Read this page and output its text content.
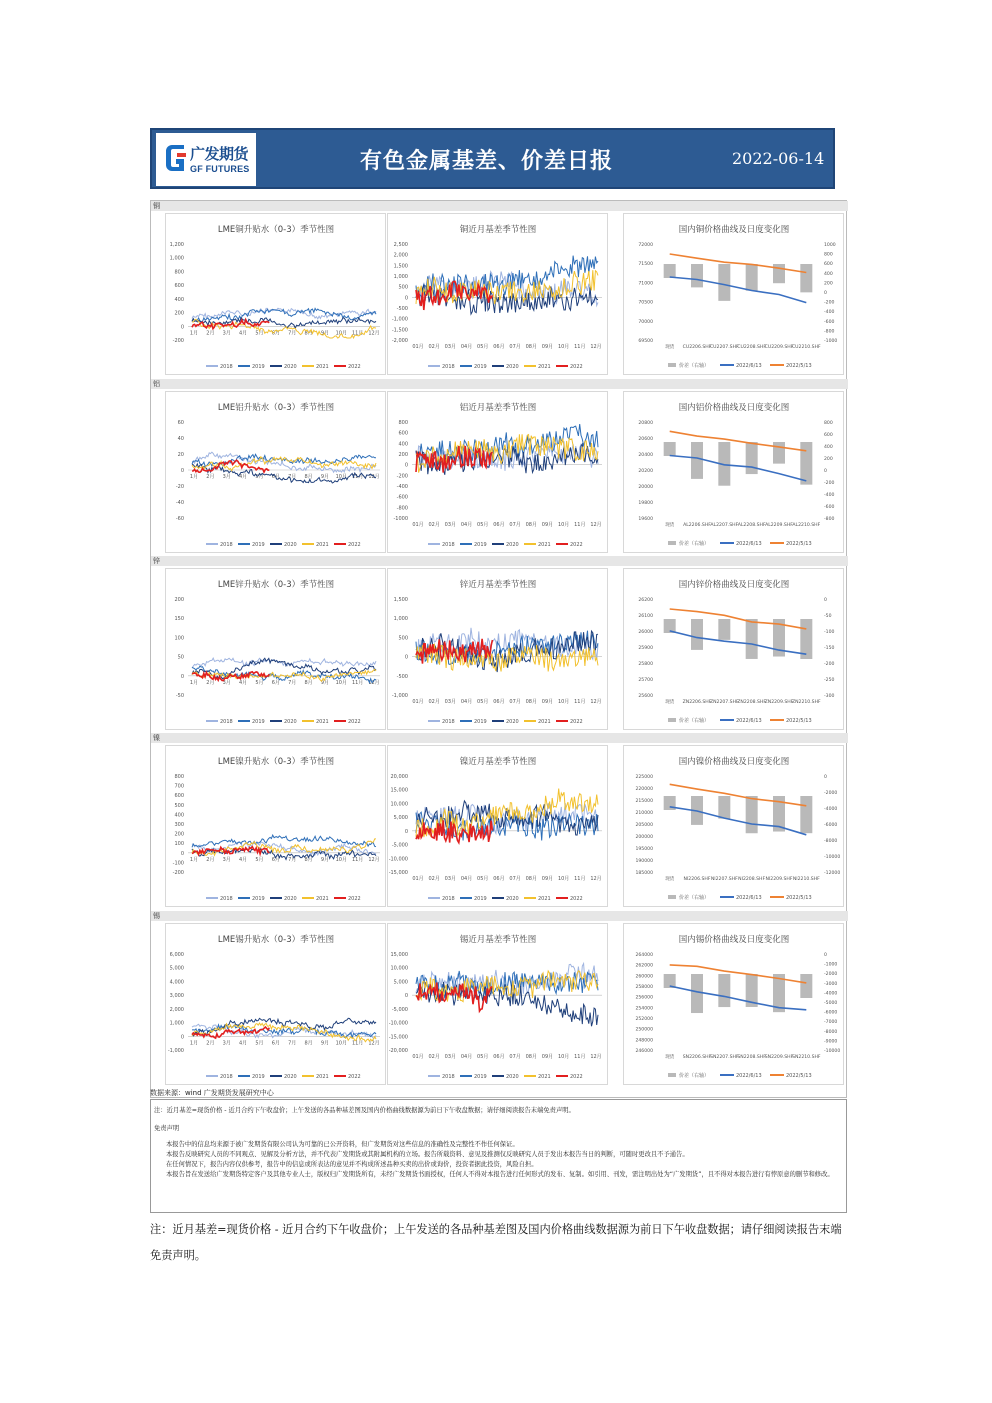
广发期货
GF FUTURES	有色金属基差、价差日报	2022-06-14
铜
LME铜升贴水（0-3）季节性图
1,200
1,000
800
600
400
200
0
-200
1月 2月 3月 4月 5月 6月 7月 8月 9月 10月 11月 12月
2018	2019	2020	2021	2022
铜近月基差季节性图
2,500
2,000
1,500
1,000
500
0
-500
-1,000
-1,500
-2,000
01月 02月 03月 04月 05月 06月 07月 08月 09月 10月 11月 12月
2018	2019	2020	2021	2022
国内铜价格曲线及日度变化图
72000
71500
71000
70500
70000
69500
1000
800
600
400
200
0
-200
-400
-600
-800
-1000
现货 CU2206.SHF
CU2207.SHF
CU2208.SHF
CU2209.SHF
CU2210.SHF
价差（右轴）	2022/6/13	2022/5/13
铝
LME铝升贴水（0-3）季节性图
60
40
20
0
-20
-40
-60
1月 2月 3月 4月 5月 6月 7月 8月 9月 10月 11月 12月
2018	2019	2020	2021	2022
铝近月基差季节性图
800
600
400
200
0
-200
-400
-600
-800
-1000
01月 02月 03月 04月 05月 06月 07月 08月 09月 10月 11月 12月
2018	2019	2020	2021	2022
国内铝价格曲线及日度变化图
20800
20600
20400
20200
20000
19800
19600
800
600
400
200
0
-200
-400
-600
-800
现货 AL2206.SHF AL2207.SHF AL2208.SHF AL2209.SHF AL2210.SHF
价差（右轴）	2022/6/13	2022/5/13
锌
LME锌升贴水（0-3）季节性图
200
150
100
50
0
-50
1月 2月 3月 4月 5月 6月 7月 8月 9月 10月 11月 12月
2018	2019	2020	2021	2022
锌近月基差季节性图
1,500
1,000
500
0
-500
-1,000
01月 02月 03月 04月 05月 06月 07月 08月 09月 10月 11月 12月
2018	2019	2020	2021	2022
国内锌价格曲线及日度变化图
26200
26100
26000
25900
25800
25700
25600
0
-50
-100
-150
-200
-250
-300
现货 ZN2206.SHF
ZN2207.SHF
ZN2208.SHF
ZN2209.SHF
ZN2210.SHF
价差（右轴）	2022/6/13	2022/5/13
镍
LME镍升贴水（0-3）季节性图
800
700
600
500
400
300
200
100
0
-100
-200
1月 2月 3月 4月 5月 6月 7月 8月 9月 10月 11月 12月
2018	2019	2020	2021	2022
镍近月基差季节性图
20,000
15,000
10,000
5,000
0
-5,000
-10,000
-15,000
01月 02月 03月 04月 05月 06月 07月 08月 09月 10月 11月 12月
2018	2019	2020	2021	2022
国内镍价格曲线及日度变化图
225000
220000
215000
210000
205000
200000
195000
190000
185000
0
-2000
-4000
-6000
-8000
-10000
-12000
现货 NI2206.SHF NI2207.SHF NI2208.SHF NI2209.SHF NI2210.SHF
价差（右轴）	2022/6/13	2022/5/13
锡
LME锡升贴水（0-3）季节性图
6,000
5,000
4,000
3,000
2,000
1,000
0
-1,000
1月 2月 3月 4月 5月 6月 7月 8月 9月 10月 11月 12月
2018	2019	2020	2021	2022
锡近月基差季节性图
15,000
10,000
5,000
0
-5,000
-10,000
-15,000
-20,000
01月 02月 03月 04月 05月 06月 07月 08月 09月 10月 11月 12月
2018	2019	2020	2021	2022
国内锡价格曲线及日度变化图
264000
262000
260000
258000
256000
254000
252000
250000
248000
246000
0
-1000
-2000
-3000
-4000
-5000
-6000
-7000
-8000
-9000
-10000
现货 SN2206.SHF
SN2207.SHF
SN2208.SHF
SN2209.SHF
SN2210.SHF
价差（右轴）	2022/6/13	2022/5/13
数据来源：wind 广发期货发展研究中心
注：近月基差=现货价格 - 近月合约下午收盘价；上午发送的各品种基差图及国内价格曲线数据源为前日下午收盘数据；请仔细阅读报告末端免责声明。
免责声明
本报告中的信息均来源于被广发期货有限公司认为可靠的已公开资料，但广发期货对这些信息的准确性及完整性不作任何保证。
本报告反映研究人员的不同观点、见解及分析方法，并不代表广发期货或其附属机构的立场。报告所载资料、意见及推测仅反映研究人员于发出本报告当日的判断，可随时更改且不予通告。
在任何情况下，报告内容仅供参考，报告中的信息或所表达的意见并不构成所述品种买卖的出价或询价，投资者据此投资，风险自担。
本报告旨在发送给广发期货特定客户及其他专业人士，版权归广发期货所有，未经广发期货书面授权，任何人不得对本报告进行任何形式的发布、复制。如引用、刊发，需注明出处为“广发期货”，且不得对本报告进行有悖原意的删节和修改。
注：近月基差=现货价格 - 近月合约下午收盘价；上午发送的各品种基差图及国内价格曲线数据源为前日下午收盘数据；请仔细阅读报告末端免责声明。
